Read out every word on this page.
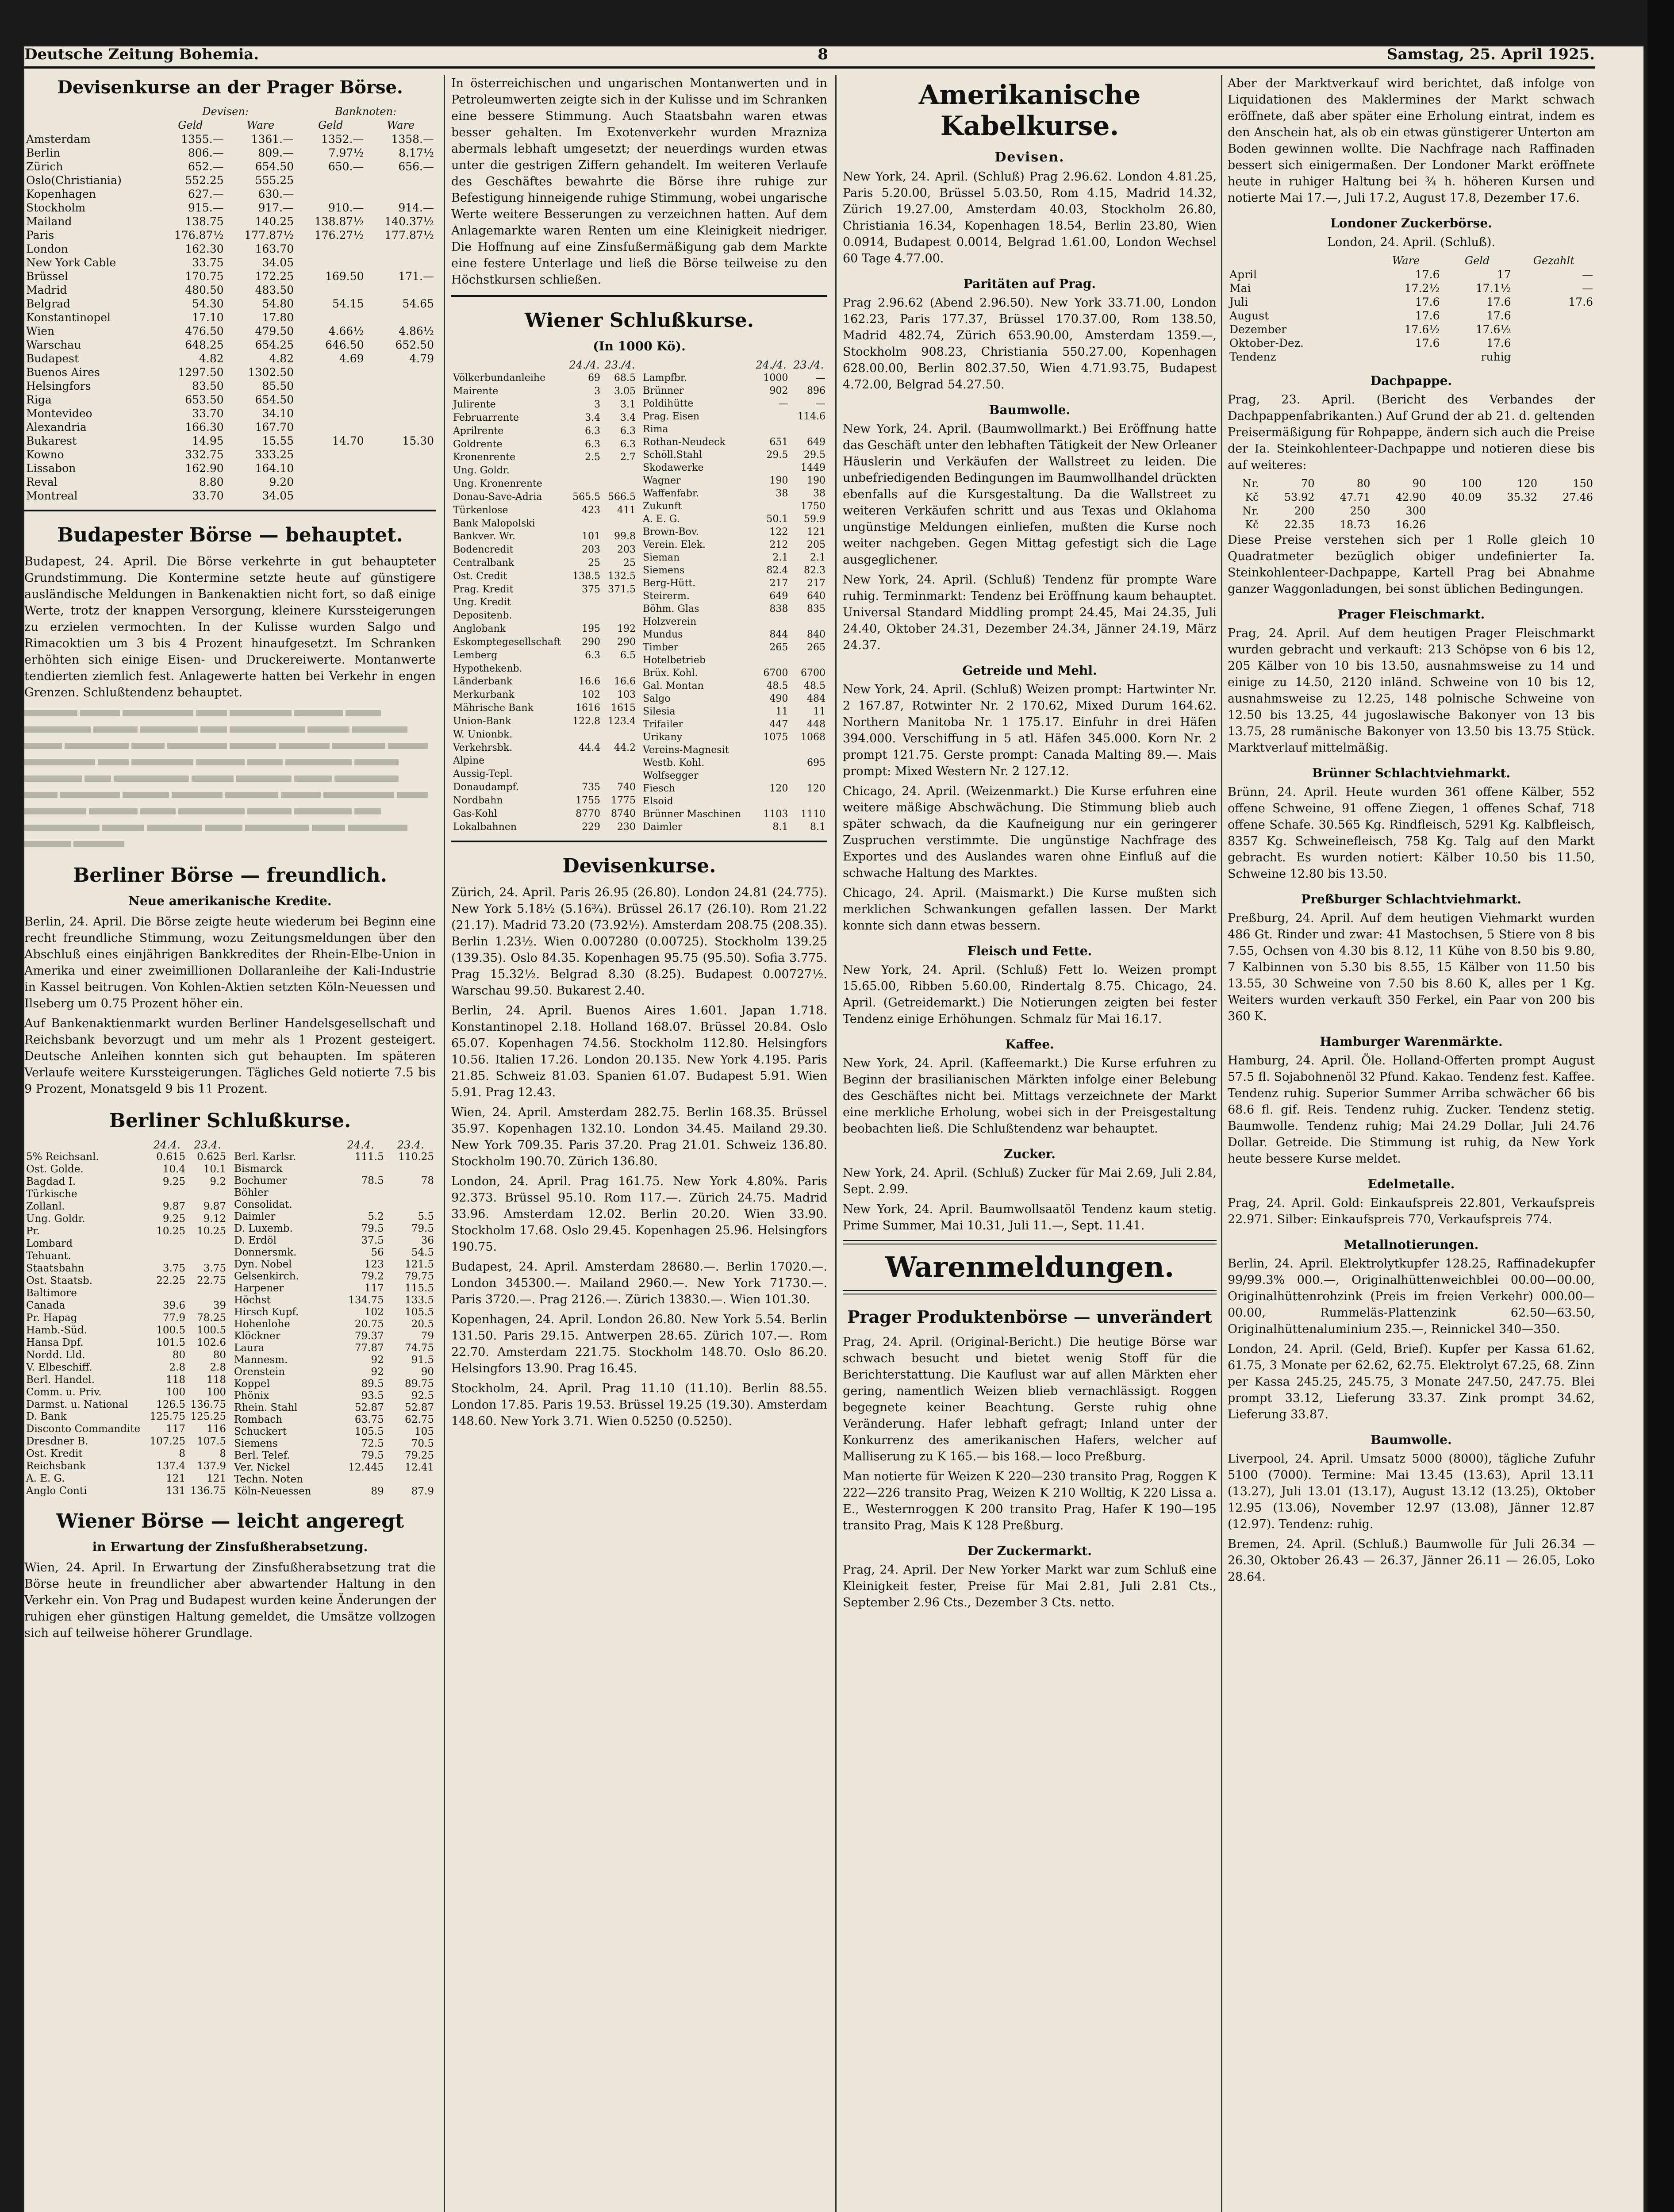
Deutsche Zeitung Bohemia.	8	Samstag, 25. April 1925.
Devisenkurse an der Prager Börse.
	Devisen:		Banknoten:	
	Geld	Ware	Geld	Ware
Amsterdam	1355.—	1361.—	1352.—	1358.—
Berlin	806.—	809.—	7.97½	8.17½
Zürich	652.—	654.50	650.—	656.—
Oslo(Christiania)	552.25	555.25		
Kopenhagen	627.—	630.—		
Stockholm	915.—	917.—	910.—	914.—
Mailand	138.75	140.25	138.87½	140.37½
Paris	176.87½	177.87½	176.27½	177.87½
London	162.30	163.70		
New York Cable	33.75	34.05		
Brüssel	170.75	172.25	169.50	171.—
Madrid	480.50	483.50		
Belgrad	54.30	54.80	54.15	54.65
Konstantinopel	17.10	17.80		
Wien	476.50	479.50	4.66½	4.86½
Warschau	648.25	654.25	646.50	652.50
Budapest	4.82	4.82	4.69	4.79
Buenos Aires	1297.50	1302.50		
Helsingfors	83.50	85.50		
Riga	653.50	654.50		
Montevideo	33.70	34.10		
Alexandria	166.30	167.70		
Bukarest	14.95	15.55	14.70	15.30
Kowno	332.75	333.25		
Lissabon	162.90	164.10		
Reval	8.80	9.20		
Montreal	33.70	34.05		
Budapester Börse — behauptet.

Budapest, 24. April. Die Börse verkehrte in gut behaupteter Grundstimmung. Die Kontermine setzte heute auf günstigere ausländische Meldungen in Bankenaktien nicht fort, so daß einige Werte, trotz der knappen Versorgung, kleinere Kurssteigerungen zu erzielen vermochten. In der Kulisse wurden Salgo und Rimacoktien um 3 bis 4 Prozent hinaufgesetzt. Im Schranken erhöhten sich einige Eisen- und Druckereiwerte. Montanwerte tendierten ziemlich fest. Anlagewerte hatten bei Verkehr in engen Grenzen. Schlußtendenz behauptet.

Berliner Börse — freundlich.
Neue amerikanische Kredite.

Berlin, 24. April. Die Börse zeigte heute wiederum bei Beginn eine recht freundliche Stimmung, wozu Zeitungsmeldungen über den Abschluß eines einjährigen Bankkredites der Rhein-Elbe-Union in Amerika und einer zweimillionen Dollaranleihe der Kali-Industrie in Kassel beitrugen. Von Kohlen-Aktien setzten Köln-Neuessen und Ilseberg um 0.75 Prozent höher ein.

Auf Bankenaktienmarkt wurden Berliner Handelsgesellschaft und Reichsbank bevorzugt und um mehr als 1 Prozent gesteigert. Deutsche Anleihen konnten sich gut behaupten. Im späteren Verlaufe weitere Kurssteigerungen. Tägliches Geld notierte 7.5 bis 9 Prozent, Monatsgeld 9 bis 11 Prozent.

Berliner Schlußkurse.
	24.4.	23.4.
5% Reichsanl.	0.615	0.625
Ost. Golde.	10.4	10.1
Bagdad I.	9.25	9.2
Türkische		
Zollanl.	9.87	9.87
Ung. Goldr.	9.25	9.12
Pr.	10.25	10.25
Lombard		
Tehuant.		
Staatsbahn	3.75	3.75
Ost. Staatsb.	22.25	22.75
Baltimore		
Canada	39.6	39
Pr. Hapag	77.9	78.25
Hamb.-Süd.	100.5	100.5
Hansa Dpf.	101.5	102.6
Nordd. Lld.	80	80
V. Elbeschiff.	2.8	2.8
Berl. Handel.	118	118
Comm. u. Priv.	100	100
Darmst. u. National	126.5	136.75
D. Bank	125.75	125.25
Disconto Commandite	117	116
Dresdner B.	107.25	107.5
Ost. Kredit	8	8
Reichsbank	137.4	137.9
A. E. G.	121	121
Anglo Conti	131	136.75
	24.4.	23.4.
Berl. Karlsr.	111.5	110.25
Bismarck		
Bochumer	78.5	78
Böhler		
Consolidat.		
Daimler	5.2	5.5
D. Luxemb.	79.5	79.5
D. Erdöl	37.5	36
Donnersmk.	56	54.5
Dyn. Nobel	123	121.5
Gelsenkirch.	79.2	79.75
Harpener	117	115.5
Höchst	134.75	133.5
Hirsch Kupf.	102	105.5
Hohenlohe	20.75	20.5
Klöckner	79.37	79
Laura	77.87	74.75
Mannesm.	92	91.5
Orenstein	92	90
Koppel	89.5	89.75
Phönix	93.5	92.5
Rhein. Stahl	52.87	52.87
Rombach	63.75	62.75
Schuckert	105.5	105
Siemens	72.5	70.5
Berl. Telef.	79.5	79.25
Ver. Nickel	12.445	12.41
Techn. Noten		
Köln-Neuessen	89	87.9
Wiener Börse — leicht angeregt
in Erwartung der Zinsfußherabsetzung.

Wien, 24. April. In Erwartung der Zinsfußherabsetzung trat die Börse heute in freundlicher aber abwartender Haltung in den Verkehr ein. Von Prag und Budapest wurden keine Änderungen der ruhigen eher günstigen Haltung gemeldet, die Umsätze vollzogen sich auf teilweise höherer Grundlage.

In österreichischen und ungarischen Montanwerten und in Petroleumwerten zeigte sich in der Kulisse und im Schranken eine bessere Stimmung. Auch Staatsbahn waren etwas besser gehalten. Im Exotenverkehr wurden Mrazniza abermals lebhaft umgesetzt; der neuerdings wurden etwas unter die gestrigen Ziffern gehandelt. Im weiteren Verlaufe des Geschäftes bewahrte die Börse ihre ruhige zur Befestigung hinneigende ruhige Stimmung, wobei ungarische Werte weitere Besserungen zu verzeichnen hatten. Auf dem Anlagemarkte waren Renten um eine Kleinigkeit niedriger. Die Hoffnung auf eine Zinsfußermäßigung gab dem Markte eine festere Unterlage und ließ die Börse teilweise zu den Höchstkursen schließen.

Wiener Schlußkurse.
(In 1000 Kö).
	24./4.	23./4.
Völkerbundanleihe	69	68.5
Mairente	3	3.05
Julirente	3	3.1
Februarrente	3.4	3.4
Aprilrente	6.3	6.3
Goldrente	6.3	6.3
Kronenrente	2.5	2.7
Ung. Goldr.		
Ung. Kronenrente		
Donau-Save-Adria	565.5	566.5
Türkenlose	423	411
Bank Malopolski		
Bankver. Wr.	101	99.8
Bodencredit	203	203
Centralbank	25	25
Ost. Credit	138.5	132.5
Prag. Kredit	375	371.5
Ung. Kredit		
Depositenb.		
Anglobank	195	192
Eskomptegesellschaft	290	290
Lemberg	6.3	6.5
Hypothekenb.		
Länderbank	16.6	16.6
Merkurbank	102	103
Mährische Bank	1616	1615
Union-Bank	122.8	123.4
W. Unionbk.		
Verkehrsbk.	44.4	44.2
Alpine		
Aussig-Tepl.		
Donaudampf.	735	740
Nordbahn	1755	1775
Gas-Kohl	8770	8740
Lokalbahnen	229	230
	24./4.	23./4.
Lampfbr.	1000	—
Brünner	902	896
Poldihütte	—	—
Prag. Eisen		114.6
Rima		
Rothan-Neudeck	651	649
Schöll.Stahl	29.5	29.5
Skodawerke		1449
Wagner	190	190
Waffenfabr.	38	38
Zukunft		1750
A. E. G.	50.1	59.9
Brown-Bov.	122	121
Verein. Elek.	212	205
Sieman	2.1	2.1
Siemens	82.4	82.3
Berg-Hütt.	217	217
Steirerm.	649	640
Böhm. Glas	838	835
Holzverein		
Mundus	844	840
Timber	265	265
Hotelbetrieb		
Brüx. Kohl.	6700	6700
Gal. Montan	48.5	48.5
Salgo	490	484
Silesia	11	11
Trifailer	447	448
Urikany	1075	1068
Vereins-Magnesit		
Westb. Kohl.		695
Wolfsegger		
Fiesch	120	120
Elsoid		
Brünner Maschinen	1103	1110
Daimler	8.1	8.1
Devisenkurse.

Zürich, 24. April. Paris 26.95 (26.80). London 24.81 (24.775). New York 5.18½ (5.16¾). Brüssel 26.17 (26.10). Rom 21.22 (21.17). Madrid 73.20 (73.92½). Amsterdam 208.75 (208.35). Berlin 1.23½. Wien 0.007280 (0.00725). Stockholm 139.25 (139.35). Oslo 84.35. Kopenhagen 95.75 (95.50). Sofia 3.775. Prag 15.32½. Belgrad 8.30 (8.25). Budapest 0.00727½. Warschau 99.50. Bukarest 2.40.

Berlin, 24. April. Buenos Aires 1.601. Japan 1.718. Konstantinopel 2.18. Holland 168.07. Brüssel 20.84. Oslo 65.07. Kopenhagen 74.56. Stockholm 112.80. Helsingfors 10.56. Italien 17.26. London 20.135. New York 4.195. Paris 21.85. Schweiz 81.03. Spanien 61.07. Budapest 5.91. Wien 5.91. Prag 12.43.

Wien, 24. April. Amsterdam 282.75. Berlin 168.35. Brüssel 35.97. Kopenhagen 132.10. London 34.45. Mailand 29.30. New York 709.35. Paris 37.20. Prag 21.01. Schweiz 136.80. Stockholm 190.70. Zürich 136.80.

London, 24. April. Prag 161.75. New York 4.80%. Paris 92.373. Brüssel 95.10. Rom 117.—. Zürich 24.75. Madrid 33.96. Amsterdam 12.02. Berlin 20.20. Wien 33.90. Stockholm 17.68. Oslo 29.45. Kopenhagen 25.96. Helsingfors 190.75.

Budapest, 24. April. Amsterdam 28680.—. Berlin 17020.—. London 345300.—. Mailand 2960.—. New York 71730.—. Paris 3720.—. Prag 2126.—. Zürich 13830.—. Wien 101.30.

Kopenhagen, 24. April. London 26.80. New York 5.54. Berlin 131.50. Paris 29.15. Antwerpen 28.65. Zürich 107.—. Rom 22.70. Amsterdam 221.75. Stockholm 148.70. Oslo 86.20. Helsingfors 13.90. Prag 16.45.

Stockholm, 24. April. Prag 11.10 (11.10). Berlin 88.55. London 17.85. Paris 19.53. Brüssel 19.25 (19.30). Amsterdam 148.60. New York 3.71. Wien 0.5250 (0.5250).

Amerikanische Kabelkurse.
Devisen.

New York, 24. April. (Schluß) Prag 2.96.62. London 4.81.25, Paris 5.20.00, Brüssel 5.03.50, Rom 4.15, Madrid 14.32, Zürich 19.27.00, Amsterdam 40.03, Stockholm 26.80, Christiania 16.34, Kopenhagen 18.54, Berlin 23.80, Wien 0.0914, Budapest 0.0014, Belgrad 1.61.00, London Wechsel 60 Tage 4.77.00.

Paritäten auf Prag.

Prag 2.96.62 (Abend 2.96.50). New York 33.71.00, London 162.23, Paris 177.37, Brüssel 170.37.00, Rom 138.50, Madrid 482.74, Zürich 653.90.00, Amsterdam 1359.—, Stockholm 908.23, Christiania 550.27.00, Kopenhagen 628.00.00, Berlin 802.37.50, Wien 4.71.93.75, Budapest 4.72.00, Belgrad 54.27.50.

Baumwolle.

New York, 24. April. (Baumwollmarkt.) Bei Eröffnung hatte das Geschäft unter den lebhaften Tätigkeit der New Orleaner Häuslerin und Verkäufen der Wallstreet zu leiden. Die unbefriedigenden Bedingungen im Baumwollhandel drückten ebenfalls auf die Kursgestaltung. Da die Wallstreet zu weiteren Verkäufen schritt und aus Texas und Oklahoma ungünstige Meldungen einliefen, mußten die Kurse noch weiter nachgeben. Gegen Mittag gefestigt sich die Lage ausgeglichener.

New York, 24. April. (Schluß) Tendenz für prompte Ware ruhig. Terminmarkt: Tendenz bei Eröffnung kaum behauptet. Universal Standard Middling prompt 24.45, Mai 24.35, Juli 24.40, Oktober 24.31, Dezember 24.34, Jänner 24.19, März 24.37.

Getreide und Mehl.

New York, 24. April. (Schluß) Weizen prompt: Hartwinter Nr. 2 167.87, Rotwinter Nr. 2 170.62, Mixed Durum 164.62. Northern Manitoba Nr. 1 175.17. Einfuhr in drei Häfen 394.000. Verschiffung in 5 atl. Häfen 345.000. Korn Nr. 2 prompt 121.75. Gerste prompt: Canada Malting 89.—. Mais prompt: Mixed Western Nr. 2 127.12.

Chicago, 24. April. (Weizenmarkt.) Die Kurse erfuhren eine weitere mäßige Abschwächung. Die Stimmung blieb auch später schwach, da die Kaufneigung nur ein geringerer Zuspruchen verstimmte. Die ungünstige Nachfrage des Exportes und des Auslandes waren ohne Einfluß auf die schwache Haltung des Marktes.

Chicago, 24. April. (Maismarkt.) Die Kurse mußten sich merklichen Schwankungen gefallen lassen. Der Markt konnte sich dann etwas bessern.

Fleisch und Fette.

New York, 24. April. (Schluß) Fett lo. Weizen prompt 15.65.00, Ribben 5.60.00, Rindertalg 8.75. Chicago, 24. April. (Getreidemarkt.) Die Notierungen zeigten bei fester Tendenz einige Erhöhungen. Schmalz für Mai 16.17.

Kaffee.

New York, 24. April. (Kaffeemarkt.) Die Kurse erfuhren zu Beginn der brasilianischen Märkten infolge einer Belebung des Geschäftes nicht bei. Mittags verzeichnete der Markt eine merkliche Erholung, wobei sich in der Preisgestaltung beobachten ließ. Die Schlußtendenz war behauptet.

Zucker.

New York, 24. April. (Schluß) Zucker für Mai 2.69, Juli 2.84, Sept. 2.99.

New York, 24. April. Baumwollsaatöl Tendenz kaum stetig. Prime Summer, Mai 10.31, Juli 11.—, Sept. 11.41.

Warenmeldungen.
Prager Produktenbörse — unverändert

Prag, 24. April. (Original-Bericht.) Die heutige Börse war schwach besucht und bietet wenig Stoff für die Berichterstattung. Die Kauflust war auf allen Märkten eher gering, namentlich Weizen blieb vernachlässigt. Roggen begegnete keiner Beachtung. Gerste ruhig ohne Veränderung. Hafer lebhaft gefragt; Inland unter der Konkurrenz des amerikanischen Hafers, welcher auf Malliserung zu K 165.— bis 168.— loco Preßburg.

Man notierte für Weizen K 220—230 transito Prag, Roggen K 222—226 transito Prag, Weizen K 210 Wolltig, K 220 Lissa a. E., Westernroggen K 200 transito Prag, Hafer K 190—195 transito Prag, Mais K 128 Preßburg.

Der Zuckermarkt.

Prag, 24. April. Der New Yorker Markt war zum Schluß eine Kleinigkeit fester, Preise für Mai 2.81, Juli 2.81 Cts., September 2.96 Cts., Dezember 3 Cts. netto.

Aber der Marktverkauf wird berichtet, daß infolge von Liquidationen des Maklermines der Markt schwach eröffnete, daß aber später eine Erholung eintrat, indem es den Anschein hat, als ob ein etwas günstigerer Unterton am Boden gewinnen wollte. Die Nachfrage nach Raffinaden bessert sich einigermaßen. Der Londoner Markt eröffnete heute in ruhiger Haltung bei ¾ h. höheren Kursen und notierte Mai 17.—, Juli 17.2, August 17.8, Dezember 17.6.

Londoner Zuckerbörse.

London, 24. April. (Schluß).

	Ware	Geld	Gezahlt
April	17.6	17	—
Mai	17.2½	17.1½	—
Juli	17.6	17.6	17.6
August	17.6	17.6	
Dezember	17.6½	17.6½	
Oktober-Dez.	17.6	17.6	
Tendenz		ruhig	
Dachpappe.

Prag, 23. April. (Bericht des Verbandes der Dachpappenfabrikanten.) Auf Grund der ab 21. d. geltenden Preisermäßigung für Rohpappe, ändern sich auch die Preise der Ia. Steinkohlenteer-Dachpappe und notieren diese bis auf weiteres:

Nr.	70	80	90	100	120	150
Kč	53.92	47.71	42.90	40.09	35.32	27.46
Nr.	200	250	300			
Kč	22.35	18.73	16.26			

Diese Preise verstehen sich per 1 Rolle gleich 10 Quadratmeter bezüglich obiger undefinierter Ia. Steinkohlenteer-Dachpappe, Kartell Prag bei Abnahme ganzer Waggonladungen, bei sonst üblichen Bedingungen.

Prager Fleischmarkt.

Prag, 24. April. Auf dem heutigen Prager Fleischmarkt wurden gebracht und verkauft: 213 Schöpse von 6 bis 12, 205 Kälber von 10 bis 13.50, ausnahmsweise zu 14 und einige zu 14.50, 2120 inländ. Schweine von 10 bis 12, ausnahmsweise zu 12.25, 148 polnische Schweine von 12.50 bis 13.25, 44 jugoslawische Bakonyer von 13 bis 13.75, 28 rumänische Bakonyer von 13.50 bis 13.75 Stück. Marktverlauf mittelmäßig.

Brünner Schlachtviehmarkt.

Brünn, 24. April. Heute wurden 361 offene Kälber, 552 offene Schweine, 91 offene Ziegen, 1 offenes Schaf, 718 offene Schafe. 30.565 Kg. Rindfleisch, 5291 Kg. Kalbfleisch, 8357 Kg. Schweinefleisch, 758 Kg. Talg auf den Markt gebracht. Es wurden notiert: Kälber 10.50 bis 11.50, Schweine 12.80 bis 13.50.

Preßburger Schlachtviehmarkt.

Preßburg, 24. April. Auf dem heutigen Viehmarkt wurden 486 Gt. Rinder und zwar: 41 Mastochsen, 5 Stiere von 8 bis 7.55, Ochsen von 4.30 bis 8.12, 11 Kühe von 8.50 bis 9.80, 7 Kalbinnen von 5.30 bis 8.55, 15 Kälber von 11.50 bis 13.55, 30 Schweine von 7.50 bis 8.60 K, alles per 1 Kg. Weiters wurden verkauft 350 Ferkel, ein Paar von 200 bis 360 K.

Hamburger Warenmärkte.

Hamburg, 24. April. Öle. Holland-Offerten prompt August 57.5 fl. Sojabohnenöl 32 Pfund. Kakao. Tendenz fest. Kaffee. Tendenz ruhig. Superior Summer Arriba schwächer 66 bis 68.6 fl. gif. Reis. Tendenz ruhig. Zucker. Tendenz stetig. Baumwolle. Tendenz ruhig; Mai 24.29 Dollar, Juli 24.76 Dollar. Getreide. Die Stimmung ist ruhig, da New York heute bessere Kurse meldet.

Edelmetalle.

Prag, 24. April. Gold: Einkaufspreis 22.801, Verkaufspreis 22.971. Silber: Einkaufspreis 770, Verkaufspreis 774.

Metallnotierungen.

Berlin, 24. April. Elektrolytkupfer 128.25, Raffinadekupfer 99/99.3% 000.—, Originalhüttenweichblei 00.00—00.00, Originalhüttenrohzink (Preis im freien Verkehr) 000.00—00.00, Rummeläs-Plattenzink 62.50—63.50, Originalhüttenaluminium 235.—, Reinnickel 340—350.

London, 24. April. (Geld, Brief). Kupfer per Kassa 61.62, 61.75, 3 Monate per 62.62, 62.75. Elektrolyt 67.25, 68. Zinn per Kassa 245.25, 245.75, 3 Monate 247.50, 247.75. Blei prompt 33.12, Lieferung 33.37. Zink prompt 34.62, Lieferung 33.87.

Baumwolle.

Liverpool, 24. April. Umsatz 5000 (8000), tägliche Zufuhr 5100 (7000). Termine: Mai 13.45 (13.63), April 13.11 (13.27), Juli 13.01 (13.17), August 13.12 (13.25), Oktober 12.95 (13.06), November 12.97 (13.08), Jänner 12.87 (12.97). Tendenz: ruhig.

Bremen, 24. April. (Schluß.) Baumwolle für Juli 26.34 — 26.30, Oktober 26.43 — 26.37, Jänner 26.11 — 26.05, Loko 28.64.
